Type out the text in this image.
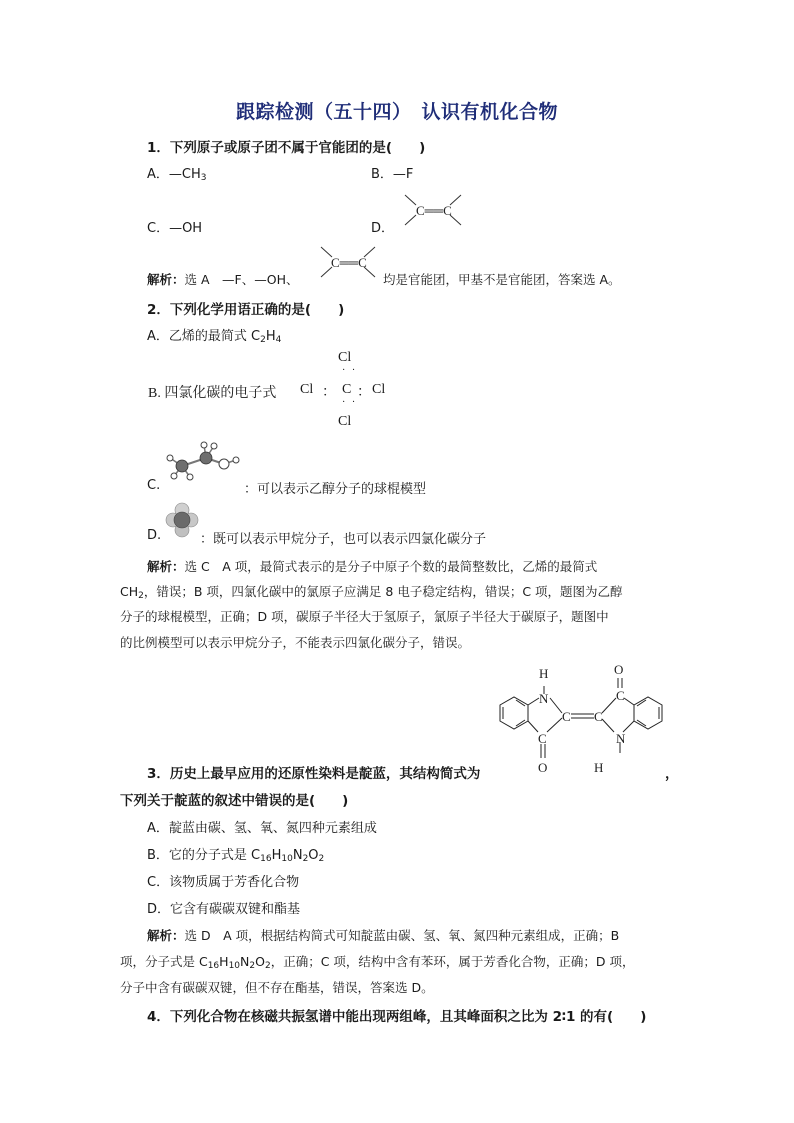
跟踪检测（五十四）　认识有机化合物
1．下列原子或原子团不属于官能团的是(　　)
A．$—CH_3$	B．—F
C．—OH	D．
C══C
解析：选 A　—F、—OH、
C══C
均是官能团，甲基不是官能团，答案选 A。
2．下列化学用语正确的是(　　)
A．乙烯的最简式 $C_2H_4$
B. 四氯化碳的电子式
Cl
· ·
Cl ： C ： Cl
· ·
Cl
C.	：可以表示乙醇分子的球棍模型
D.	：既可以表示甲烷分子，也可以表示四氯化碳分子
解析：选 C　A 项，最简式表示的是分子中原子个数的最简整数比，乙烯的最简式
$CH_2$，错误；B 项，四氯化碳中的氯原子应满足 8 电子稳定结构，错误；C 项，题图为乙醇
分子的球棍模型，正确；D 项，碳原子半径大于氢原子，氯原子半径大于碳原子，题图中
的比例模型可以表示甲烷分子，不能表示四氯化碳分子，错误。
H
N
C C
C
O
O
C
N
H
3．历史上最早应用的还原性染料是靛蓝，其结构简式为	，
下列关于靛蓝的叙述中错误的是(　　)
A．靛蓝由碳、氢、氧、氮四种元素组成
B．它的分子式是 $C_{16}H_{10}N_2O_2$
C．该物质属于芳香化合物
D．它含有碳碳双键和酯基
解析：选 D　A 项，根据结构简式可知靛蓝由碳、氢、氧、氮四种元素组成，正确；B
项，分子式是 $C_{16}H_{10}N_2O_2$，正确；C 项，结构中含有苯环，属于芳香化合物，正确；D 项，
分子中含有碳碳双键，但不存在酯基，错误，答案选 D。
4．下列化合物在核磁共振氢谱中能出现两组峰，且其峰面积之比为 2∶1 的有(　　)
